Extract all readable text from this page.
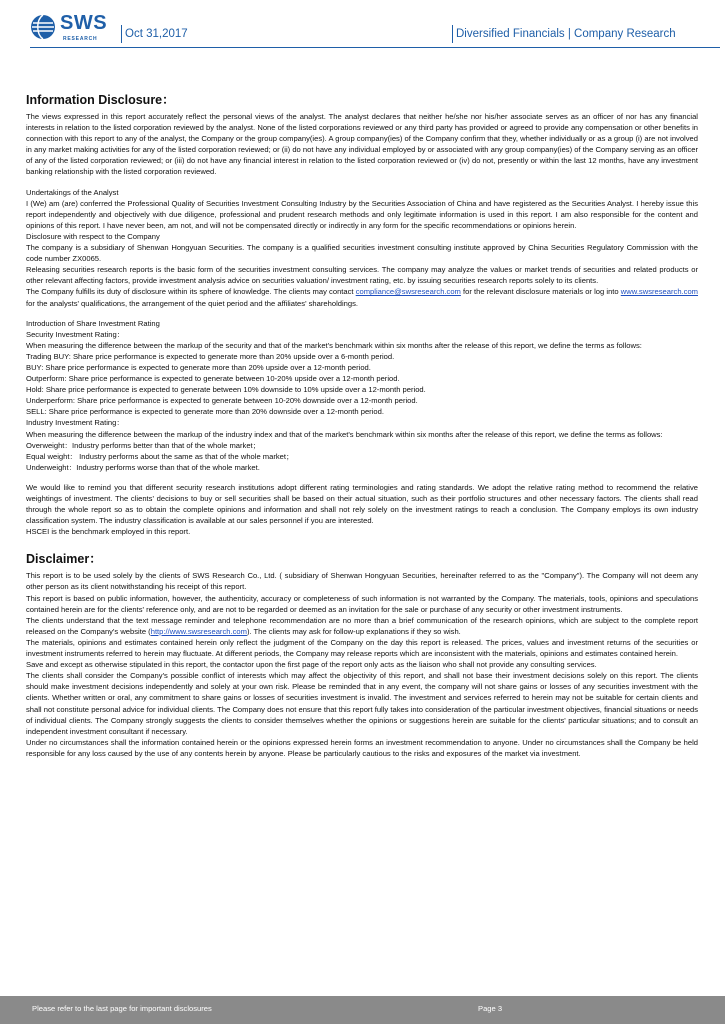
SWS
RESEARCH	Oct 31,2017	Diversified Financials | Company Research
Information Disclosure：

The views expressed in this report accurately reflect the personal views of the analyst. The analyst declares that neither he/she nor his/her associate serves as an officer of nor has any financial interests in relation to the listed corporation reviewed by the analyst. None of the listed corporations reviewed or any third party has provided or agreed to provide any compensation or other benefits in connection with this report to any of the analyst, the Company or the group company(ies). A group company(ies) of the Company confirm that they, whether individually or as a group (i) are not involved in any market making activities for any of the listed corporation reviewed; or (ii) do not have any individual employed by or associated with any group company(ies) of the Company serving as an officer of any of the listed corporation reviewed; or (iii) do not have any financial interest in relation to the listed corporation reviewed or (iv) do not, presently or within the last 12 months, have any investment banking relationship with the listed corporation reviewed.

Undertakings of the Analyst

I (We) am (are) conferred the Professional Quality of Securities Investment Consulting Industry by the Securities Association of China and have registered as the Securities Analyst. I hereby issue this report independently and objectively with due diligence, professional and prudent research methods and only legitimate information is used in this report. I am also responsible for the content and opinions of this report. I have never been, am not, and will not be compensated directly or indirectly in any form for the specific recommendations or opinions herein.

Disclosure with respect to the Company

The company is a subsidiary of Shenwan Hongyuan Securities. The company is a qualified securities investment consulting institute approved by China Securities Regulatory Commission with the code number ZX0065.

Releasing securities research reports is the basic form of the securities investment consulting services. The company may analyze the values or market trends of securities and related products or other relevant affecting factors, provide investment analysis advice on securities valuation/ investment rating, etc. by issuing securities research reports solely to its clients.

The Company fulfills its duty of disclosure within its sphere of knowledge. The clients may contact compliance@swsresearch.com for the relevant disclosure materials or log into www.swsresearch.com for the analysts' qualifications, the arrangement of the quiet period and the affiliates' shareholdings.

Introduction of Share Investment Rating

Security Investment Rating：

When measuring the difference between the markup of the security and that of the market's benchmark within six months after the release of this report, we define the terms as follows:

Trading BUY: Share price performance is expected to generate more than 20% upside over a 6-month period.

BUY: Share price performance is expected to generate more than 20% upside over a 12-month period.

Outperform: Share price performance is expected to generate between 10-20% upside over a 12-month period.

Hold: Share price performance is expected to generate between 10% downside to 10% upside over a 12-month period.

Underperform: Share price performance is expected to generate between 10-20% downside over a 12-month period.

SELL: Share price performance is expected to generate more than 20% downside over a 12-month period.

Industry Investment Rating：

When measuring the difference between the markup of the industry index and that of the market's benchmark within six months after the release of this report, we define the terms as follows:

Overweight：Industry performs better than that of the whole market；

Equal weight： Industry performs about the same as that of the whole market；

Underweight：Industry performs worse than that of the whole market.

We would like to remind you that different security research institutions adopt different rating terminologies and rating standards. We adopt the relative rating method to recommend the relative weightings of investment. The clients' decisions to buy or sell securities shall be based on their actual situation, such as their portfolio structures and other necessary factors. The clients shall read through the whole report so as to obtain the complete opinions and information and shall not rely solely on the investment ratings to reach a conclusion. The Company employs its own industry classification system. The industry classification is available at our sales personnel if you are interested.

HSCEI is the benchmark employed in this report.

Disclaimer：

This report is to be used solely by the clients of SWS Research Co., Ltd. ( subsidiary of Shenwan Hongyuan Securities, hereinafter referred to as the "Company"). The Company will not deem any other person as its client notwithstanding his receipt of this report.

This report is based on public information, however, the authenticity, accuracy or completeness of such information is not warranted by the Company. The materials, tools, opinions and speculations contained herein are for the clients' reference only, and are not to be regarded or deemed as an invitation for the sale or purchase of any security or other investment instruments.

The clients understand that the text message reminder and telephone recommendation are no more than a brief communication of the research opinions, which are subject to the complete report released on the Company's website (http://www.swsresearch.com). The clients may ask for follow-up explanations if they so wish.

The materials, opinions and estimates contained herein only reflect the judgment of the Company on the day this report is released. The prices, values and investment returns of the securities or investment instruments referred to herein may fluctuate. At different periods, the Company may release reports which are inconsistent with the materials, opinions and estimates contained herein.

Save and except as otherwise stipulated in this report, the contactor upon the first page of the report only acts as the liaison who shall not provide any consulting services.

The clients shall consider the Company's possible conflict of interests which may affect the objectivity of this report, and shall not base their investment decisions solely on this report. The clients should make investment decisions independently and solely at your own risk. Please be reminded that in any event, the company will not share gains or losses of any securities investment with the clients. Whether written or oral, any commitment to share gains or losses of securities investment is invalid. The investment and services referred to herein may not be suitable for certain clients and shall not constitute personal advice for individual clients. The Company does not ensure that this report fully takes into consideration of the particular investment objectives, financial situations or needs of individual clients. The Company strongly suggests the clients to consider themselves whether the opinions or suggestions herein are suitable for the clients' particular situations; and to consult an independent investment consultant if necessary.

Under no circumstances shall the information contained herein or the opinions expressed herein forms an investment recommendation to anyone. Under no circumstances shall the Company be held responsible for any loss caused by the use of any contents herein by anyone. Please be particularly cautious to the risks and exposures of the market via investment.

Please refer to the last page for important disclosures	Page 3
